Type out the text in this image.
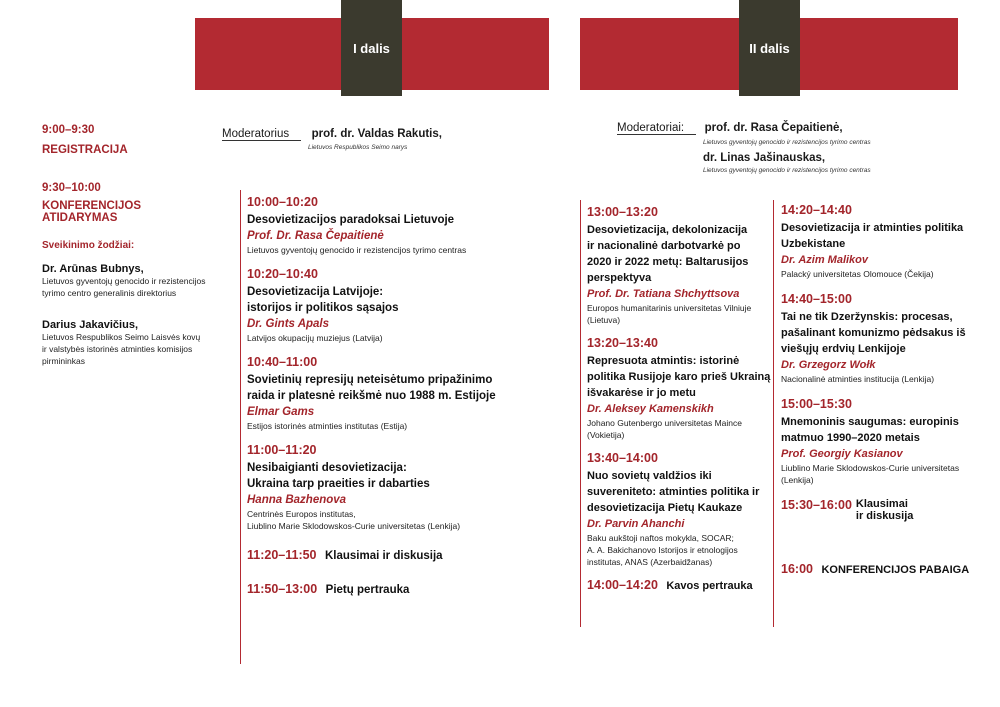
I dalis	II dalis
9:00–9:30
REGISTRACIJA
9:30–10:00
KONFERENCIJOS
ATIDARYMAS
Sveikinimo žodžiai:
Dr. Arūnas Bubnys,
Lietuvos gyventojų genocido ir rezistencijos
tyrimo centro generalinis direktorius
Darius Jakavičius,
Lietuvos Respublikos Seimo Laisvės kovų
ir valstybės istorinės atminties komisijos
pirmininkas
Moderatorius prof. dr. Valdas Rakutis,
Lietuvos Respublikos Seimo narys
10:00–10:20
Desovietizacijos paradoksai Lietuvoje
Prof. Dr. Rasa Čepaitienė
Lietuvos gyventojų genocido ir rezistencijos tyrimo centras
10:20–10:40
Desovietizacija Latvijoje:
istorijos ir politikos sąsajos
Dr. Gints Apals
Latvijos okupacijų muziejus (Latvija)
10:40–11:00
Sovietinių represijų neteisėtumo pripažinimo
raida ir platesnė reikšmė nuo 1988 m. Estijoje
Elmar Gams
Estijos istorinės atminties institutas (Estija)
11:00–11:20
Nesibaigianti desovietizacija:
Ukraina tarp praeities ir dabarties
Hanna Bazhenova
Centrinės Europos institutas,
Liublino Marie Sklodowskos-Curie universitetas (Lenkija)
11:20–11:50 Klausimai ir diskusija
11:50–13:00 Pietų pertrauka
Moderatoriai: prof. dr. Rasa Čepaitienė,
Lietuvos gyventojų genocido ir rezistencijos tyrimo centras
dr. Linas Jašinauskas,
Lietuvos gyventojų genocido ir rezistencijos tyrimo centras
13:00–13:20
Desovietizacija, dekolonizacija
ir nacionalinė darbotvarkė po
2020 ir 2022 metų: Baltarusijos
perspektyva
Prof. Dr. Tatiana Shchyttsova
Europos humanitarinis universitetas Vilniuje
(Lietuva)
13:20–13:40
Represuota atmintis: istorinė
politika Rusijoje karo prieš Ukrainą
išvakarėse ir jo metu
Dr. Aleksey Kamenskikh
Johano Gutenbergo universitetas Maince
(Vokietija)
13:40–14:00
Nuo sovietų valdžios iki
suvereniteto: atminties politika ir
desovietizacija Pietų Kaukaze
Dr. Parvin Ahanchi
Baku aukštoji naftos mokykla, SOCAR;
A. A. Bakichanovo Istorijos ir etnologijos
institutas, ANAS (Azerbaidžanas)
14:00–14:20 Kavos pertrauka
14:20–14:40
Desovietizacija ir atminties politika
Uzbekistane
Dr. Azim Malikov
Palacký universitetas Olomouce (Čekija)
14:40–15:00
Tai ne tik Dzeržynskis: procesas,
pašalinant komunizmo pėdsakus iš
viešųjų erdvių Lenkijoje
Dr. Grzegorz Wołk
Nacionalinė atminties institucija (Lenkija)
15:00–15:30
Mnemoninis saugumas: europinis
matmuo 1990–2020 metais
Prof. Georgiy Kasianov
Liublino Marie Sklodowskos-Curie universitetas
(Lenkija)
15:30–16:00 Klausimai
ir diskusija
16:00 KONFERENCIJOS PABAIGA
